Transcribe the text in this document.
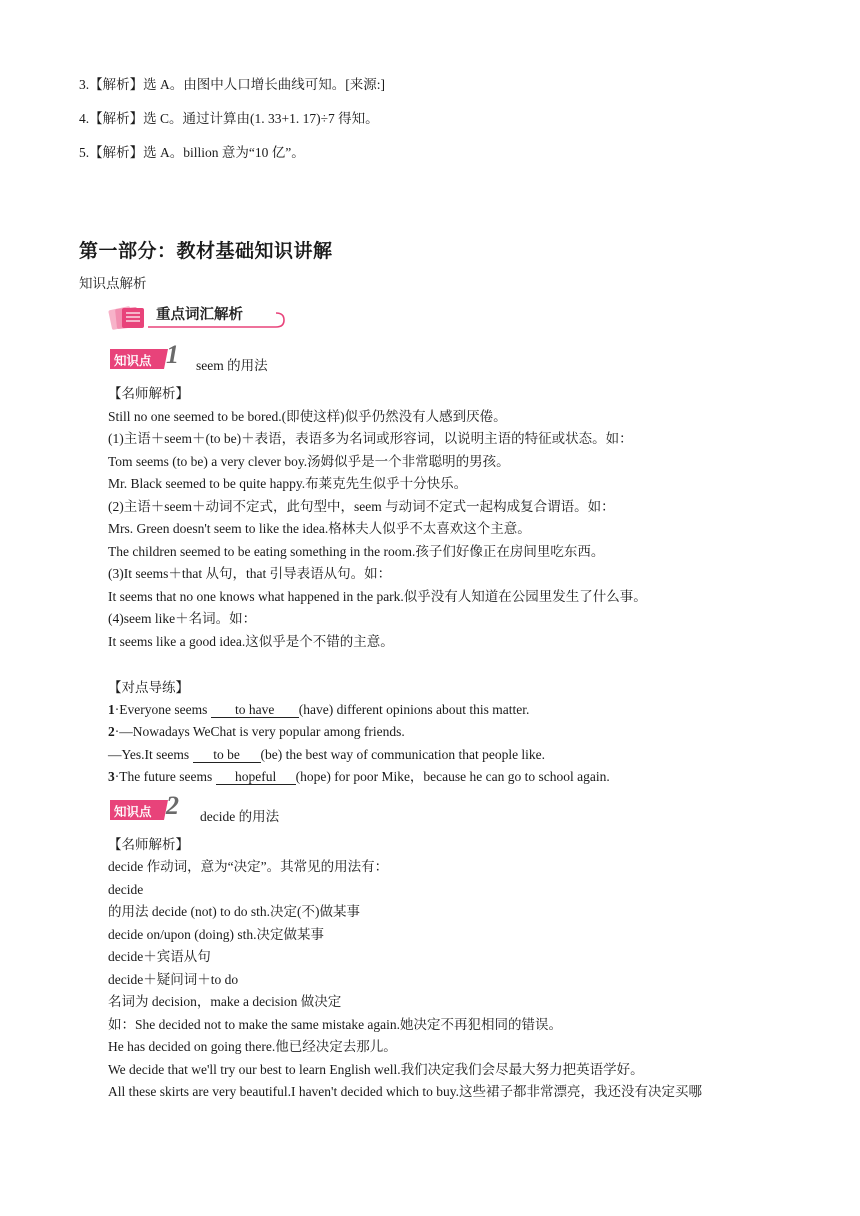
3.【解析】选 A。由图中人口增长曲线可知。[来源:]
4.【解析】选 C。通过计算由(1. 33+1. 17)÷7 得知。
5.【解析】选 A。billion 意为“10 亿”。
第一部分：教材基础知识讲解
知识点解析
重点词汇解析
知识点 1 seem 的用法
【名师解析】
Still no one seemed to be bored.(即使这样)似乎仍然没有人感到厌倦。
(1)主语＋seem＋(to be)＋表语，表语多为名词或形容词，以说明主语的特征或状态。如：
Tom seems (to be) a very clever boy.汤姆似乎是一个非常聪明的男孩。
Mr. Black seemed to be quite happy.布莱克先生似乎十分快乐。
(2)主语＋seem＋动词不定式，此句型中，seem 与动词不定式一起构成复合谓语。如：
Mrs. Green doesn't seem to like the idea.格林夫人似乎不太喜欢这个主意。
The children seemed to be eating something in the room.孩子们好像正在房间里吃东西。
(3)It seems＋that 从句，that 引导表语从句。如：
It seems that no one knows what happened in the park.似乎没有人知道在公园里发生了什么事。
(4)seem like＋名词。如：
It seems like a good idea.这似乎是个不错的主意。
【对点导练】
1·Everyone seems to have (have) different opinions about this matter.
2·—Nowadays WeChat is very popular among friends.
—Yes.It seems to be (be) the best way of communication that people like.
3·The future seems hopeful (hope) for poor Mike，because he can go to school again.
知识点 2 decide 的用法
【名师解析】
decide 作动词，意为“决定”。其常见的用法有：
decide
的用法 decide (not) to do sth.决定(不)做某事
decide on/upon (doing) sth.决定做某事
decide＋宾语从句
decide＋疑问词＋to do
名词为 decision，make a decision 做决定
如：She decided not to make the same mistake again.她决定不再犯相同的错误。
He has decided on going there.他已经决定去那儿。
We decide that we'll try our best to learn English well.我们决定我们会尽最大努力把英语学好。
All these skirts are very beautiful.I haven't decided which to buy.这些裙子都非常漂亮，我还没有决定买哪
